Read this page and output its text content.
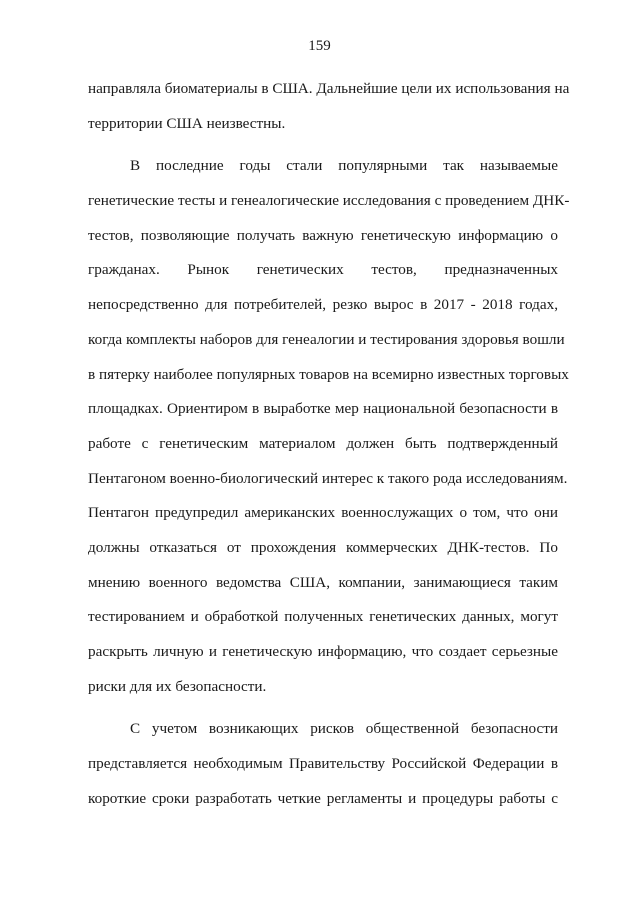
159
направляла биоматериалы в США. Дальнейшие цели их использования на
территории США неизвестны.
В последние годы стали популярными так называемые
генетические тесты и генеалогические исследования с проведением ДНК-
тестов, позволяющие получать важную генетическую информацию о
гражданах. Рынок генетических тестов, предназначенных
непосредственно для потребителей, резко вырос в 2017 - 2018 годах,
когда комплекты наборов для генеалогии и тестирования здоровья вошли
в пятерку наиболее популярных товаров на всемирно известных торговых
площадках. Ориентиром в выработке мер национальной безопасности в
работе с генетическим материалом должен быть подтвержденный
Пентагоном военно-биологический интерес к такого рода исследованиям.
Пентагон предупредил американских военнослужащих о том, что они
должны отказаться от прохождения коммерческих ДНК-тестов. По
мнению военного ведомства США, компании, занимающиеся таким
тестированием и обработкой полученных генетических данных, могут
раскрыть личную и генетическую информацию, что создает серьезные
риски для их безопасности.
С учетом возникающих рисков общественной безопасности
представляется необходимым Правительству Российской Федерации в
короткие сроки разработать четкие регламенты и процедуры работы с
